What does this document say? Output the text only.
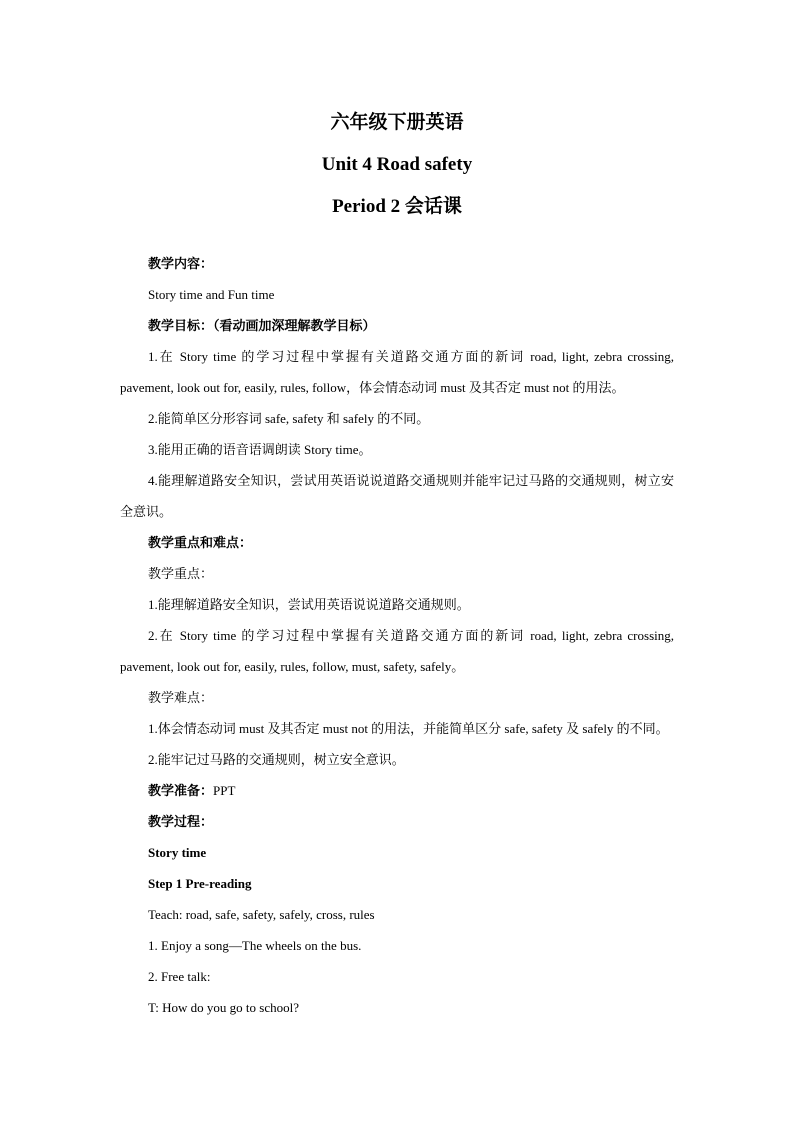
六年级下册英语
Unit 4 Road safety
Period 2 会话课

教学内容：

Story time and Fun time

教学目标：（看动画加深理解教学目标）

1.在 Story time 的学习过程中掌握有关道路交通方面的新词 road, light, zebra crossing, pavement, look out for, easily, rules, follow，体会情态动词 must 及其否定 must not 的用法。

2.能简单区分形容词 safe, safety 和 safely 的不同。

3.能用正确的语音语调朗读 Story time。

4.能理解道路安全知识，尝试用英语说说道路交通规则并能牢记过马路的交通规则，树立安全意识。

教学重点和难点：

教学重点：

1.能理解道路安全知识，尝试用英语说说道路交通规则。

2.在 Story time 的学习过程中掌握有关道路交通方面的新词 road, light, zebra crossing, pavement, look out for, easily, rules, follow, must, safety, safely。

教学难点：

1.体会情态动词 must 及其否定 must not 的用法，并能简单区分 safe, safety 及 safely 的不同。

2.能牢记过马路的交通规则，树立安全意识。

教学准备：PPT

教学过程：

Story time

Step 1 Pre-reading

Teach: road, safe, safety, safely, cross, rules

1. Enjoy a song—The wheels on the bus.

2. Free talk:

T: How do you go to school?
